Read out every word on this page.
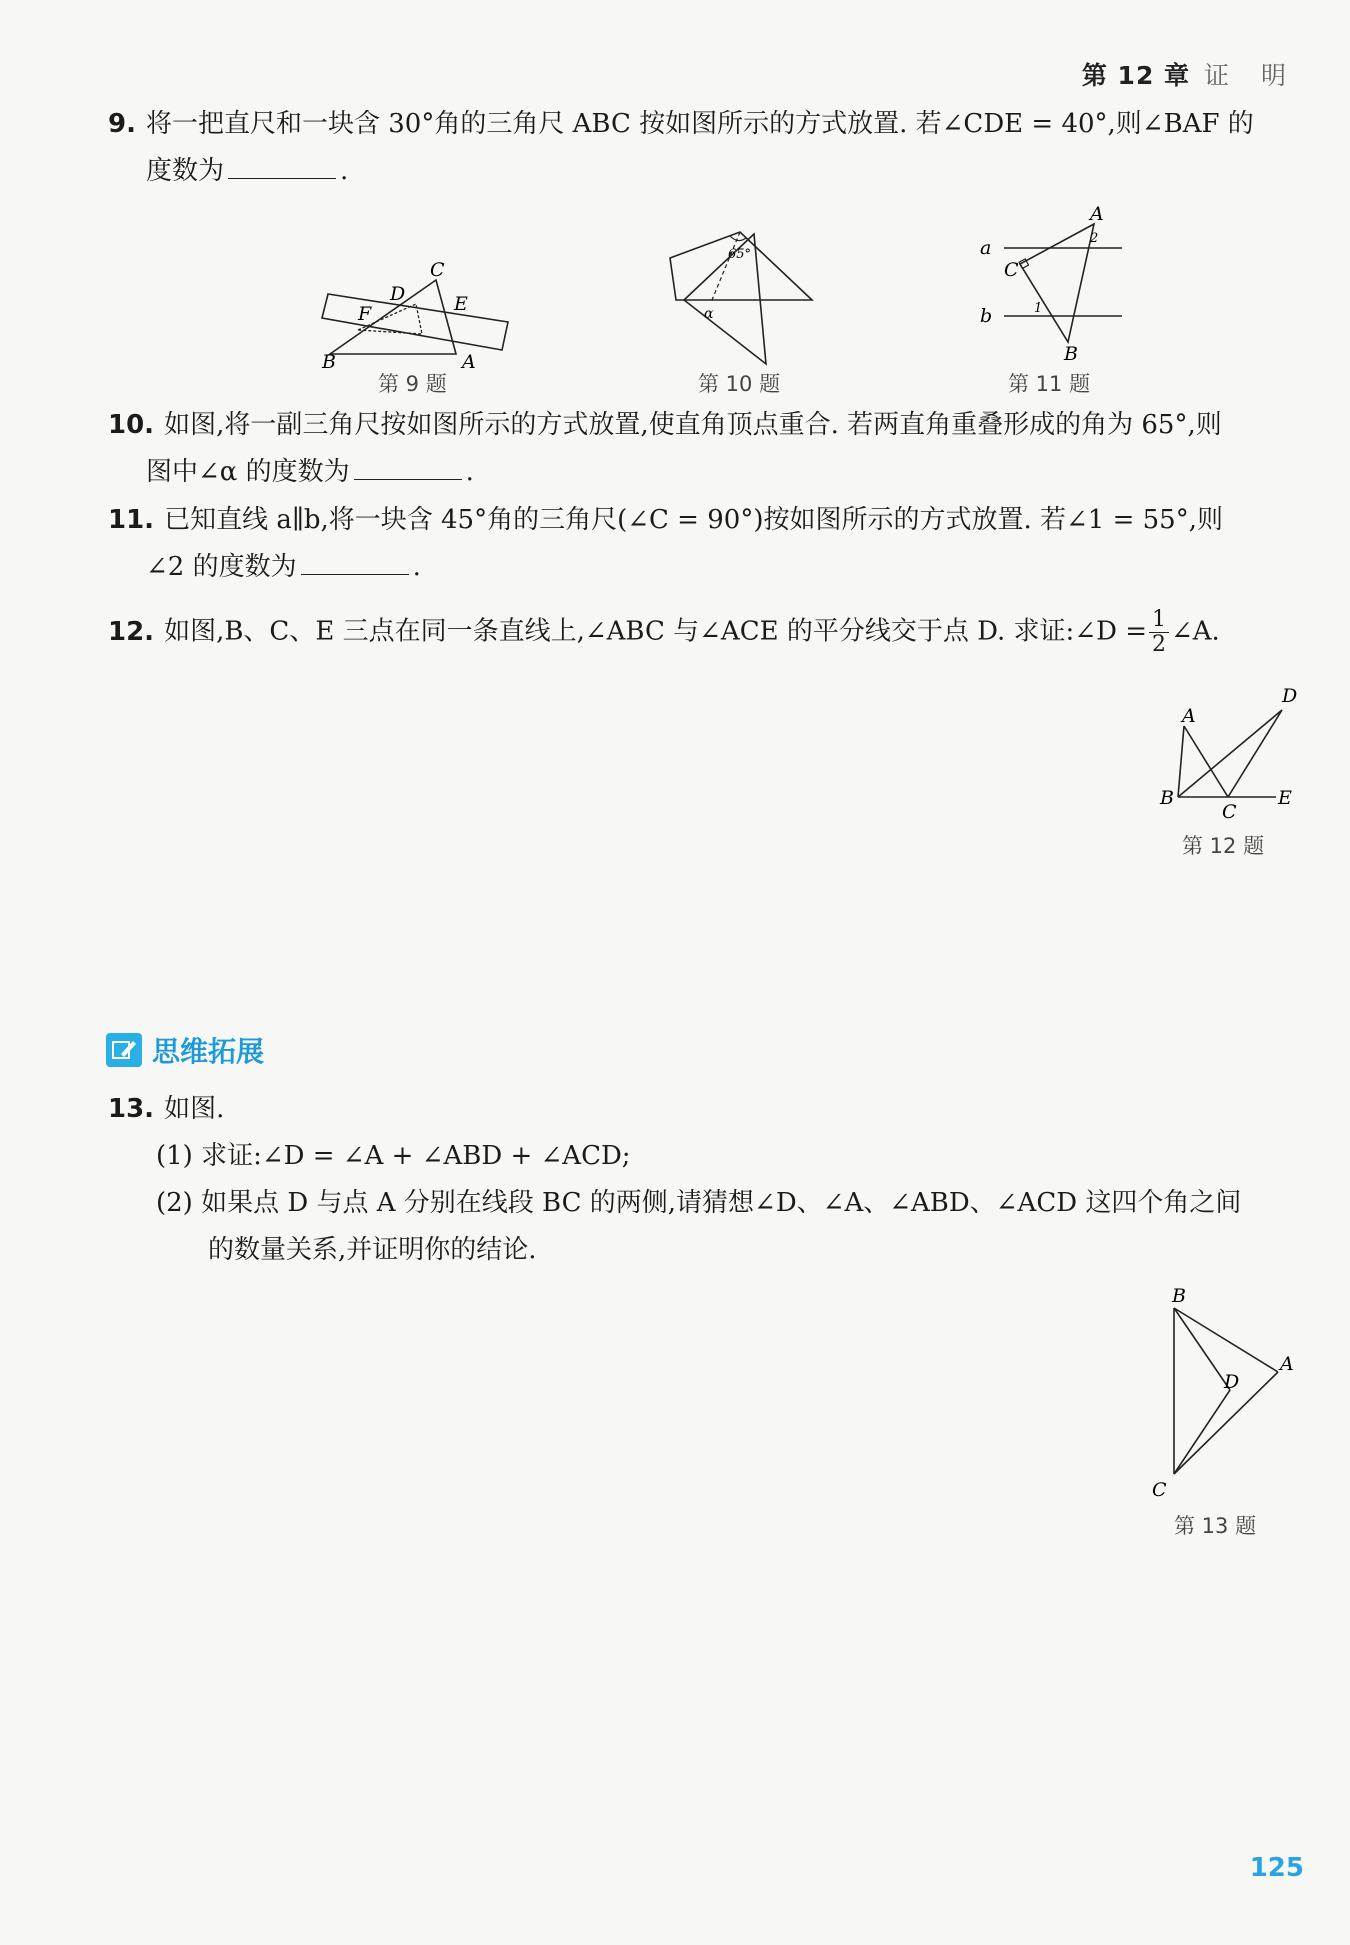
第 12 章 证 明
9. 将一把直尺和一块含 30°角的三角尺 ABC 按如图所示的方式放置. 若∠CDE = 40°,则∠BAF 的
度数为	.
C
D	E
F
B	A
第 9 题
65°
α
第 10 题
A
B
C
a
b	1
2
第 11 题
10. 如图,将一副三角尺按如图所示的方式放置,使直角顶点重合. 若两直角重叠形成的角为 65°,则
图中∠α 的度数为	.
11. 已知直线 a∥b,将一块含 45°角的三角尺(∠C = 90°)按如图所示的方式放置. 若∠1 = 55°,则
∠2 的度数为	.
12. 如图,B、C、E 三点在同一条直线上,∠ABC 与∠ACE 的平分线交于点 D. 求证:∠D = $\frac{1}{2}$ ∠A.
A
B
C
D
E
第 12 题
思维拓展
13. 如图.
(1) 求证:∠D = ∠A + ∠ABD + ∠ACD;
(2) 如果点 D 与点 A 分别在线段 BC 的两侧,请猜想∠D、∠A、∠ABD、∠ACD 这四个角之间
的数量关系,并证明你的结论.
B
A
D
C
第 13 题
125
